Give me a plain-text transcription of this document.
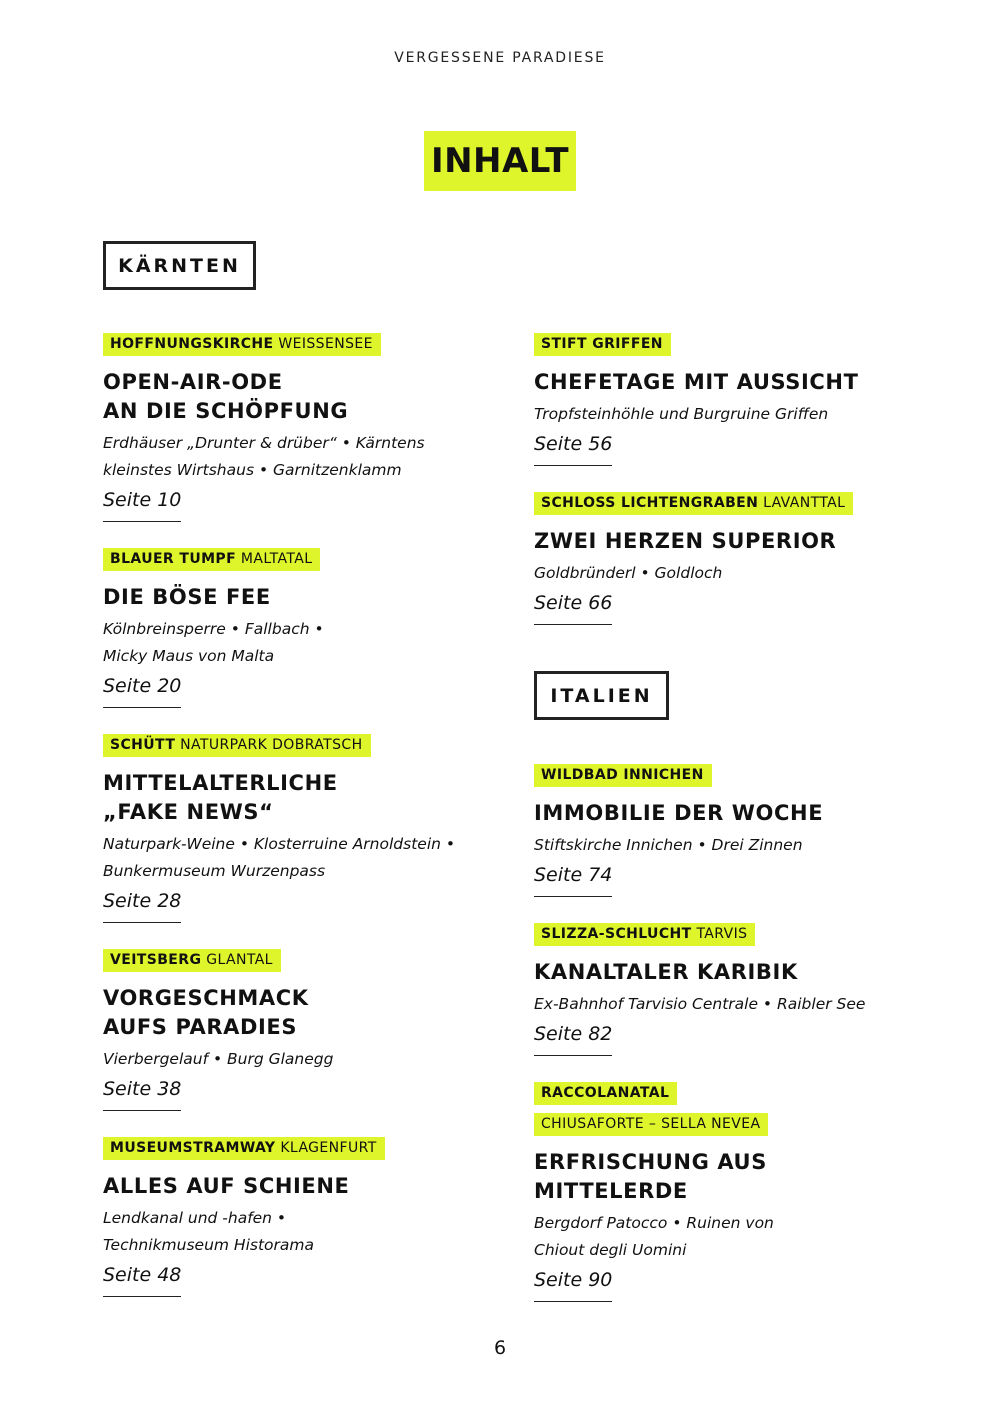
VERGESSENE PARADIESE
INHALT
KÄRNTEN
ITALIEN
HOFFNUNGSKIRCHE WEISSENSEE
OPEN-AIR-ODE
AN DIE SCHÖPFUNG
Erdhäuser „Drunter & drüber“ • Kärntens
kleinstes Wirtshaus • Garnitzenklamm
Seite 10
BLAUER TUMPF MALTATAL
DIE BÖSE FEE
Kölnbreinsperre • Fallbach •
Micky Maus von Malta
Seite 20
SCHÜTT NATURPARK DOBRATSCH
MITTELALTERLICHE
„FAKE NEWS“
Naturpark-Weine • Klosterruine Arnoldstein •
Bunkermuseum Wurzenpass
Seite 28
VEITSBERG GLANTAL
VORGESCHMACK
AUFS PARADIES
Vierbergelauf • Burg Glanegg
Seite 38
MUSEUMSTRAMWAY KLAGENFURT
ALLES AUF SCHIENE
Lendkanal und -hafen •
Technikmuseum Historama
Seite 48
STIFT GRIFFEN
CHEFETAGE MIT AUSSICHT
Tropfsteinhöhle und Burgruine Griffen
Seite 56
SCHLOSS LICHTENGRABEN LAVANTTAL
ZWEI HERZEN SUPERIOR
Goldbründerl • Goldloch
Seite 66
WILDBAD INNICHEN
IMMOBILIE DER WOCHE
Stiftskirche Innichen • Drei Zinnen
Seite 74
SLIZZA-SCHLUCHT TARVIS
KANALTALER KARIBIK
Ex-Bahnhof Tarvisio Centrale • Raibler See
Seite 82
RACCOLANATAL
CHIUSAFORTE – SELLA NEVEA
ERFRISCHUNG AUS
MITTELERDE
Bergdorf Patocco • Ruinen von
Chiout degli Uomini
Seite 90
6
